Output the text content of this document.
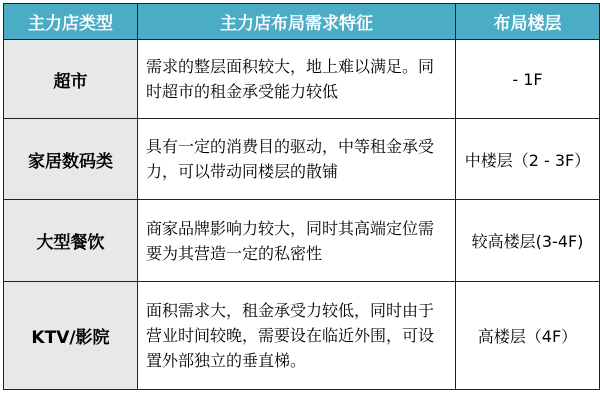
主力店类型	主力店布局需求特征	布局楼层
超市	需求的整层面积较大，地上难以满足。同时超市的租金承受能力较低	- 1F
家居数码类	具有一定的消费目的驱动，中等租金承受力，可以带动同楼层的散铺	中楼层（2 - 3F）
大型餐饮	商家品牌影响力较大，同时其高端定位需要为其营造一定的私密性	较高楼层(3-4F)
KTV/影院	面积需求大，租金承受力较低，同时由于营业时间较晚，需要设在临近外围，可设置外部独立的垂直梯。	高楼层（4F）
